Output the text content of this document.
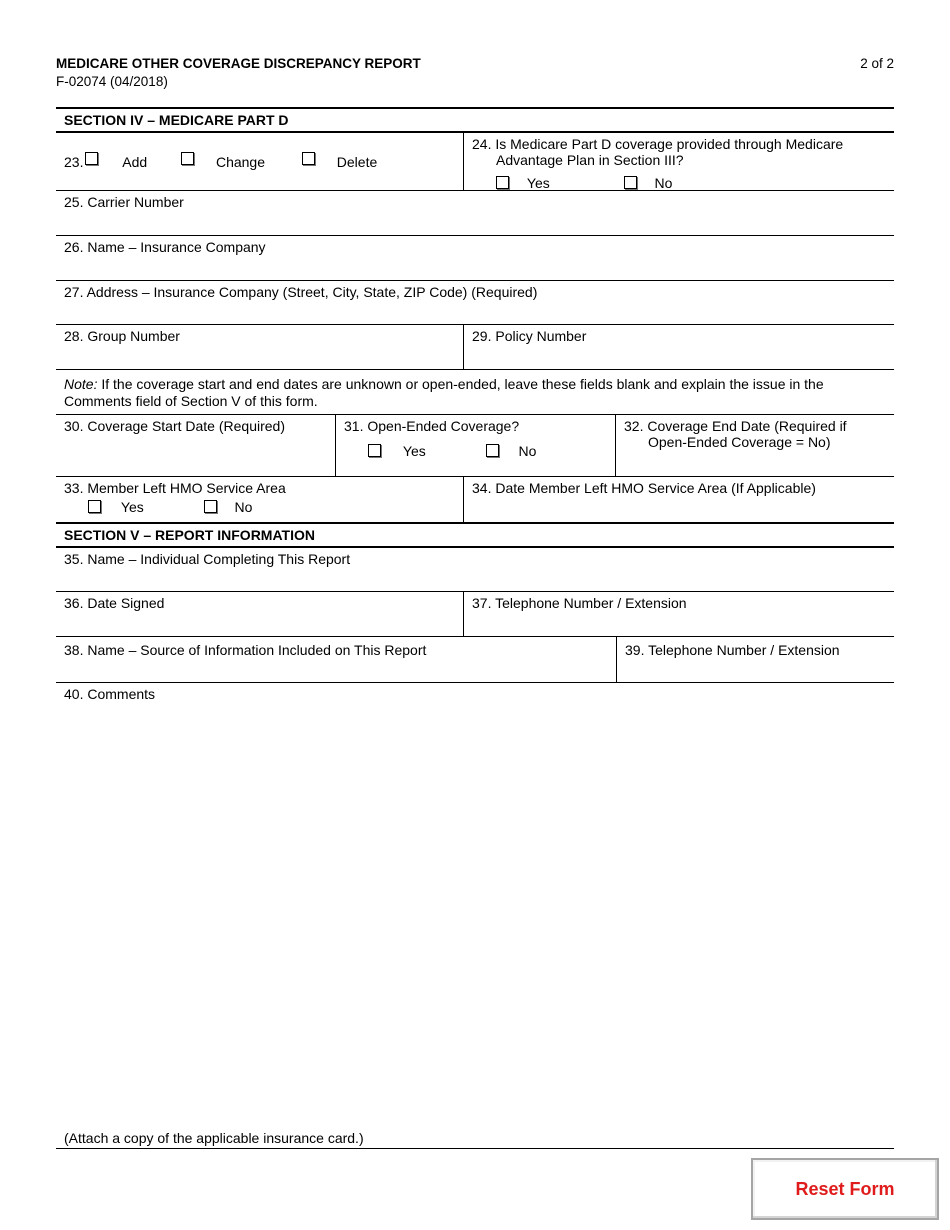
MEDICARE OTHER COVERAGE DISCREPANCY REPORT
F-02074 (04/2018)
2 of 2
SECTION IV – MEDICARE PART D
23.	Add	Change	Delete
24. Is Medicare Part D coverage provided through Medicare
Advantage Plan in Section III?
Yes	No
25. Carrier Number
26. Name – Insurance Company
27. Address – Insurance Company (Street, City, State, ZIP Code) (Required)
28. Group Number	29. Policy Number
Note: If the coverage start and end dates are unknown or open-ended, leave these fields blank and explain the issue in the Comments field of Section V of this form.
30. Coverage Start Date (Required)	31. Open-Ended Coverage?
Yes	No
32. Coverage End Date (Required if
Open-Ended Coverage = No)
33. Member Left HMO Service Area
Yes	No
34. Date Member Left HMO Service Area (If Applicable)
SECTION V – REPORT INFORMATION
35. Name – Individual Completing This Report
36. Date Signed	37. Telephone Number / Extension
38. Name – Source of Information Included on This Report	39. Telephone Number / Extension
40. Comments
(Attach a copy of the applicable insurance card.)
Reset Form
